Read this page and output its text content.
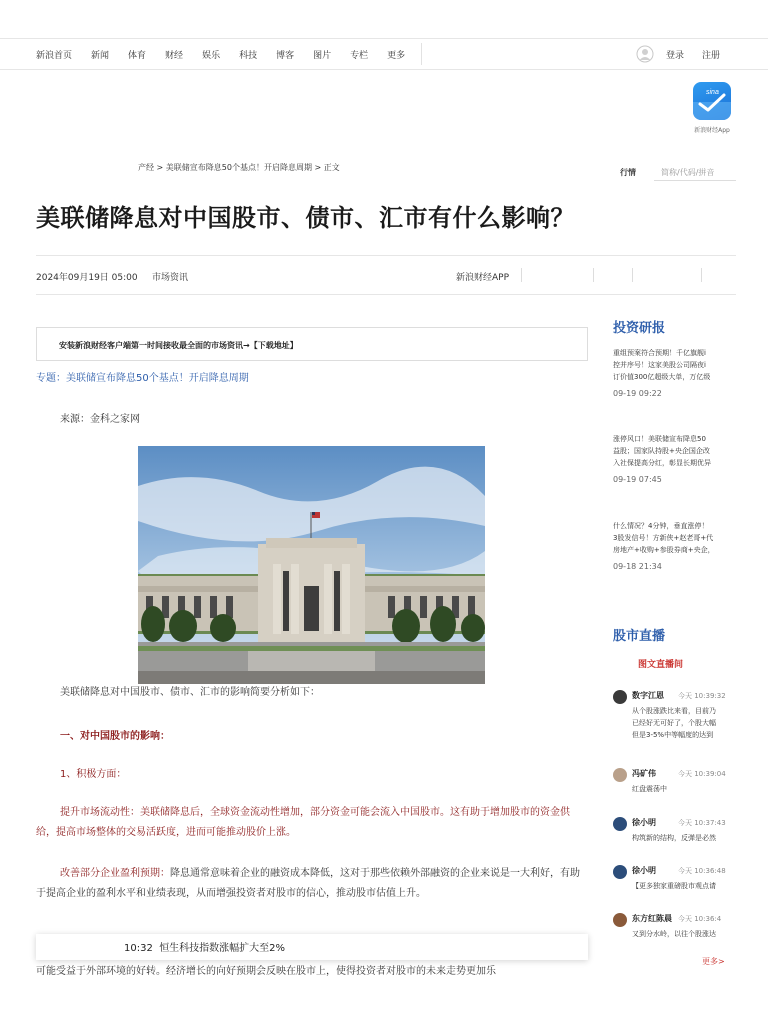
新浪首页 新闻 体育 财经 娱乐 科技 博客 图片 专栏 更多	登录 注册
sina
新浪财经App
产经 > 美联储宣布降息50个基点！开启降息周期 > 正文
行情	简称/代码/拼音
美联储降息对中国股市、债市、汇市有什么影响？
2024年09月19日 05:00 市场资讯	新浪财经APP
安装新浪财经客户端第一时间接收最全面的市场资讯→【下载地址】
专题：美联储宣布降息50个基点！开启降息周期
来源：金科之家网
美联储降息对中国股市、债市、汇市的影响简要分析如下：
一、对中国股市的影响：
1、积极方面：

提升市场流动性：美联储降息后，全球资金流动性增加，部分资金可能会流入中国股市。这有助于增加股市的资金供给，提高市场整体的交易活跃度，进而可能推动股价上涨。

改善部分企业盈利预期：降息通常意味着企业的融资成本降低，这对于那些依赖外部融资的企业来说是一大利好，有助于提高企业的盈利水平和业绩表现，从而增强投资者对股市的信心，推动股市估值上升。

10:32 恒生科技指数涨幅扩大至2%
可能受益于外部环境的好转。经济增长的向好预期会反映在股市上，使得投资者对股市的未来走势更加乐
投资研报
重组预案符合预期！千亿旗舰i
控并序号！这家美股公司隔夜i
订价值300亿超级大单，万亿级
09-19 09:22
涨停风口！美联储宣布降息50
益股；国家队持股+央企国企改
入社保提高分红，彰显长期优异
09-19 07:45
什么情况？4分钟，垂直涨停！
3股发信号！方新侠+赵老哥+代
房地产+收购+参股券商+央企，
09-18 21:34
股市直播
图文直播间
数字江恩 今天 10:39:32
从个股涨跌比来看，目前乃
已经好无可好了，个股大幅
但是3-5%中等幅度的达到
冯矿伟	今天 10:39:04
红盘震荡中
徐小明	今天 10:37:43
构筑新的结构，反弹是必然
徐小明	今天 10:36:48
【更多独家重磅股市观点请
东方红陈晨 今天 10:36:4
又到分水岭，以往个股涨达
更多>
